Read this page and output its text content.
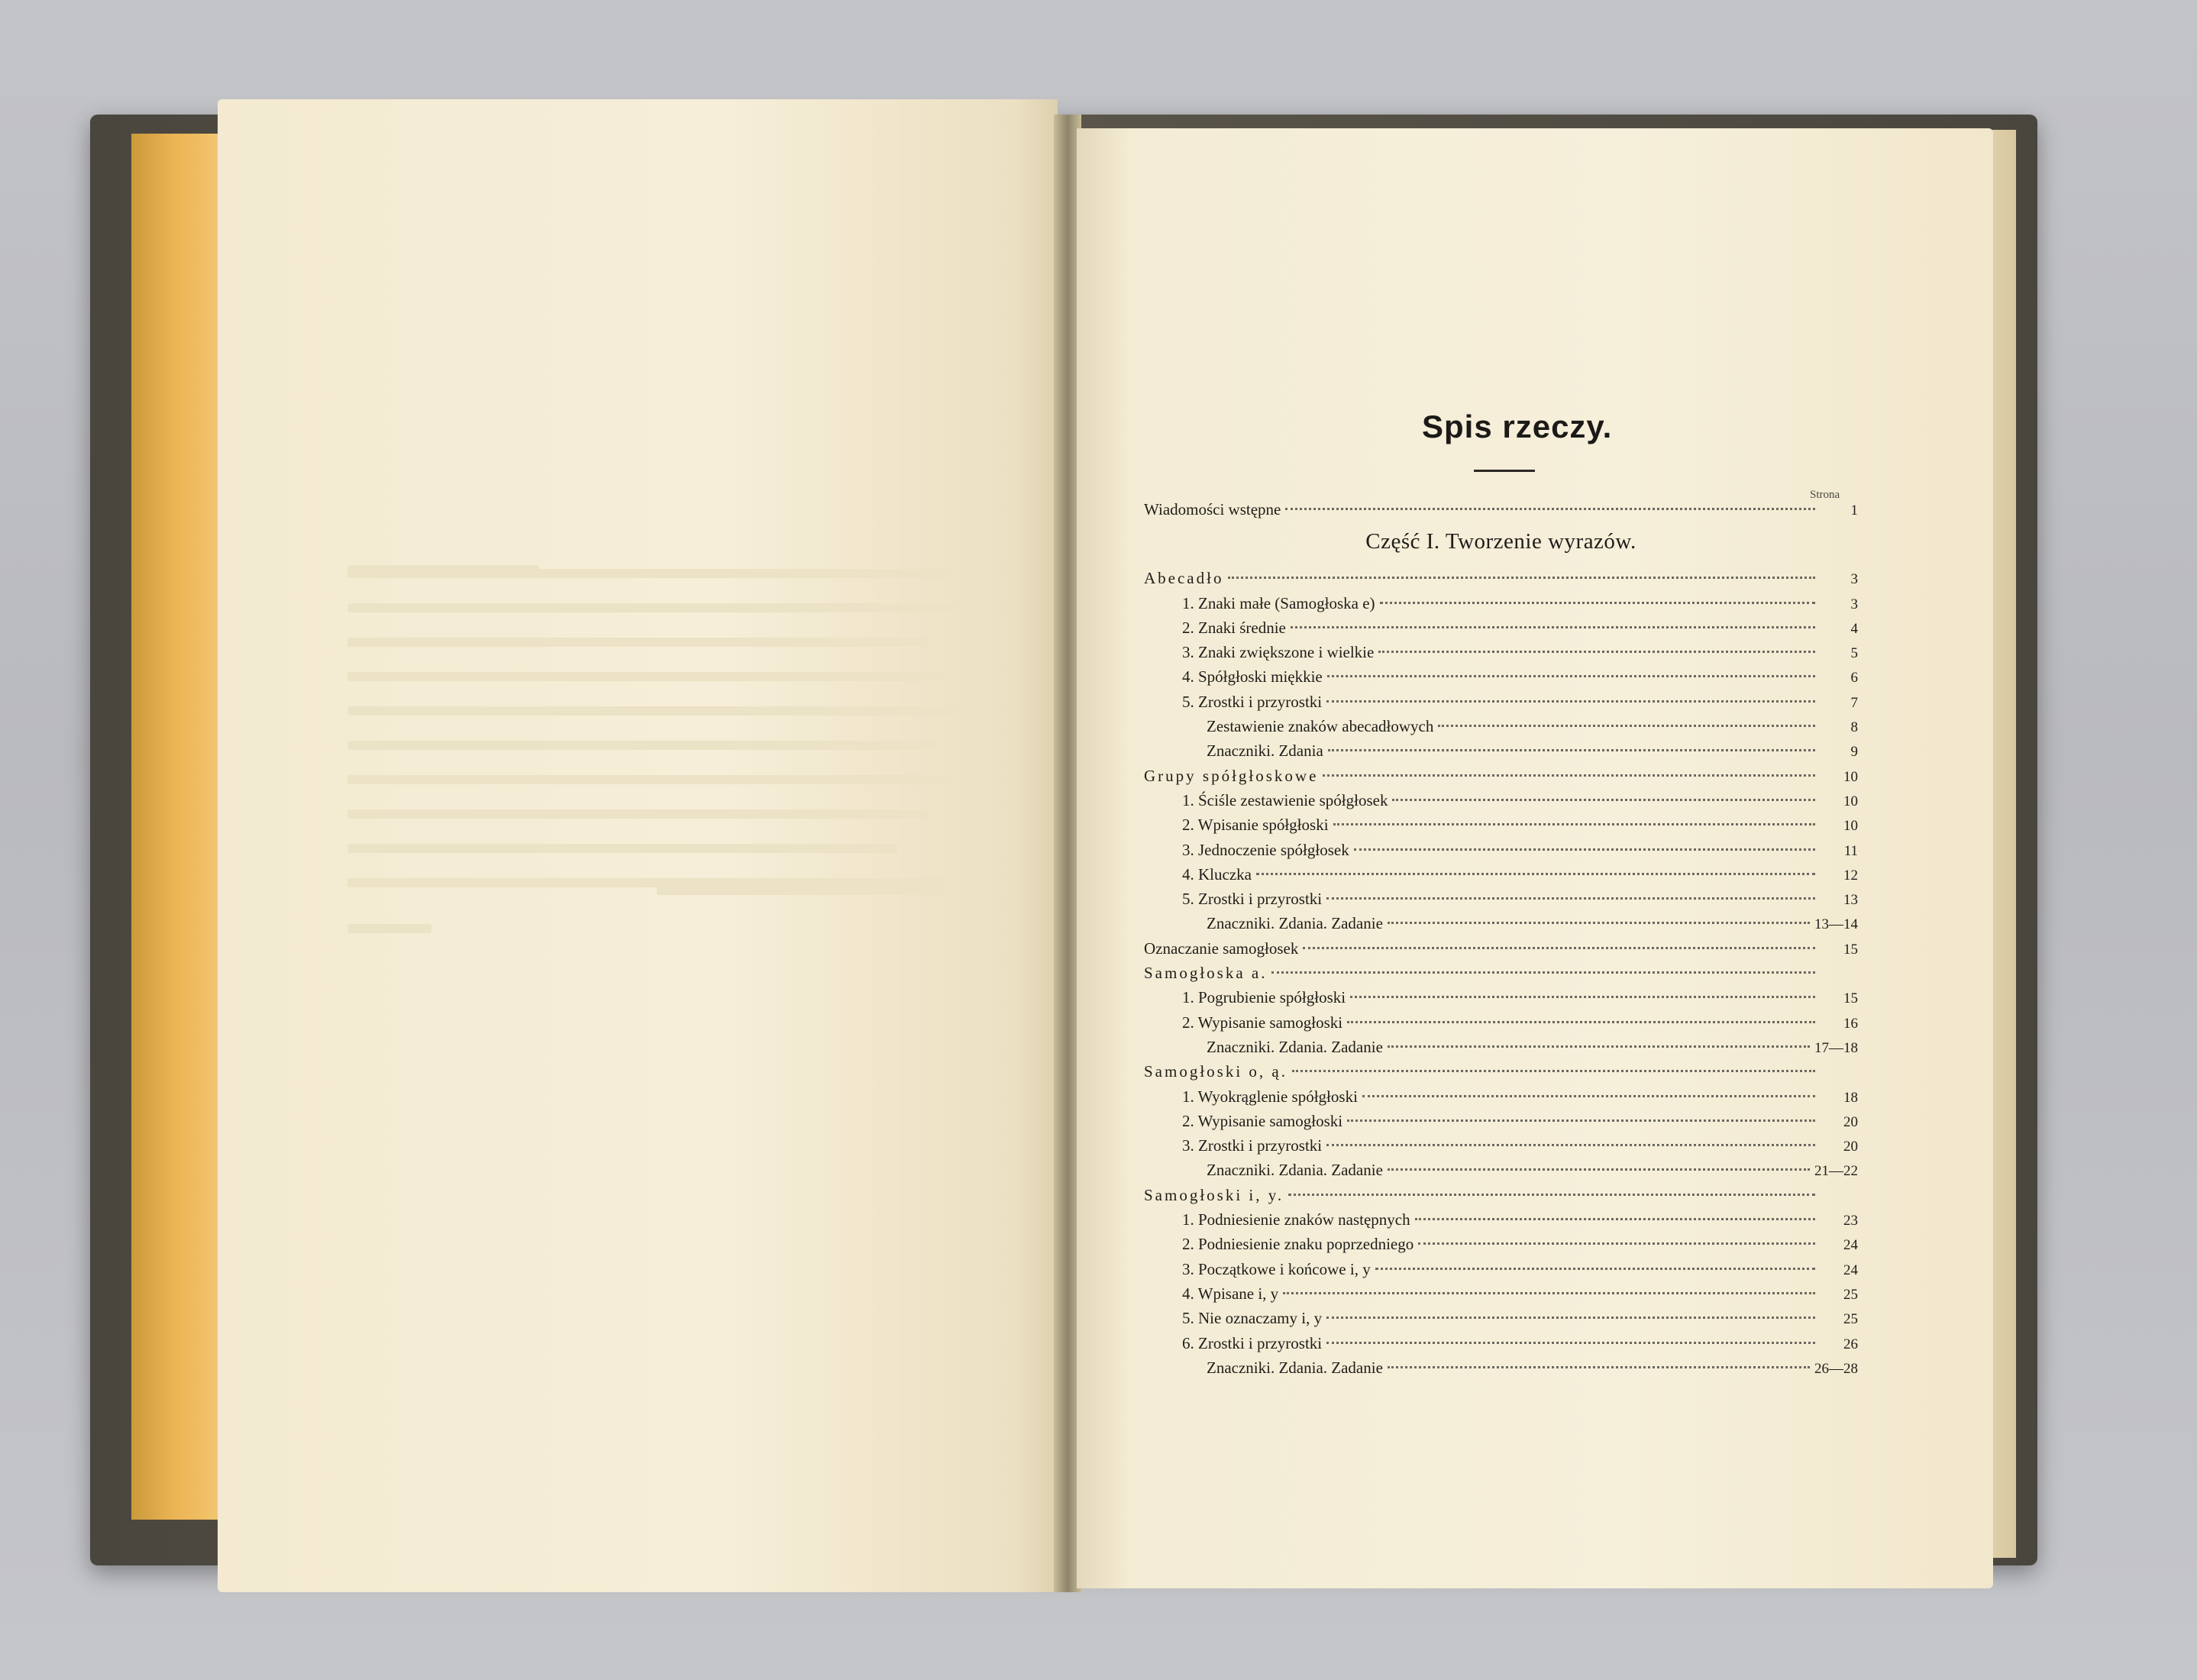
Spis rzeczy.
Strona
Wiadomości wstępne	1
Część I. Tworzenie wyrazów.
Abecadło	3
1. Znaki małe (Samogłoska e)	3
2. Znaki średnie	4
3. Znaki zwiększone i wielkie	5
4. Spółgłoski miękkie	6
5. Zrostki i przyrostki	7
Zestawienie znaków abecadłowych	8
Znaczniki. Zdania	9
Grupy spółgłoskowe	10
1. Ściśle zestawienie spółgłosek	10
2. Wpisanie spółgłoski	10
3. Jednoczenie spółgłosek	11
4. Kluczka	12
5. Zrostki i przyrostki	13
Znaczniki. Zdania. Zadanie	13—14
Oznaczanie samogłosek	15
Samogłoska a.
1. Pogrubienie spółgłoski	15
2. Wypisanie samogłoski	16
Znaczniki. Zdania. Zadanie	17—18
Samogłoski o, ą.
1. Wyokrąglenie spółgłoski	18
2. Wypisanie samogłoski	20
3. Zrostki i przyrostki	20
Znaczniki. Zdania. Zadanie	21—22
Samogłoski i, y.
1. Podniesienie znaków następnych	23
2. Podniesienie znaku poprzedniego	24
3. Początkowe i końcowe i, y	24
4. Wpisane i, y	25
5. Nie oznaczamy i, y	25
6. Zrostki i przyrostki	26
Znaczniki. Zdania. Zadanie	26—28
